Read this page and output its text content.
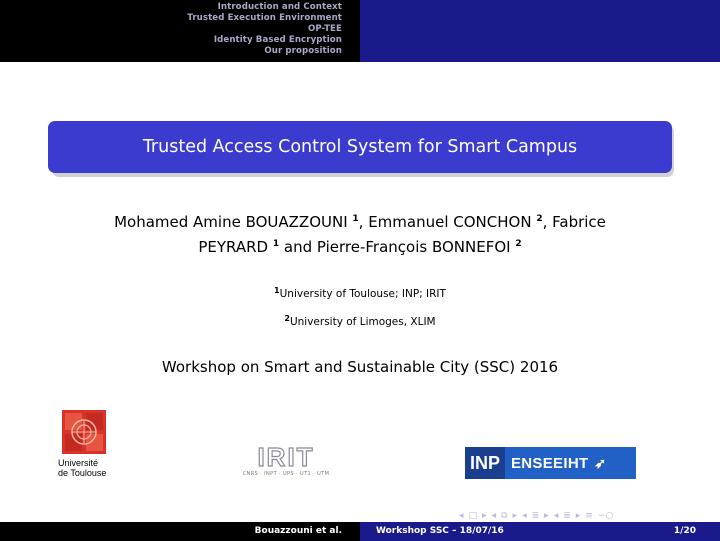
Introduction and Context
Trusted Execution Environment
OP-TEE
Identity Based Encryption
Our proposition
Trusted Access Control System for Smart Campus
Mohamed Amine BOUAZZOUNI $^1$, Emmanuel CONCHON $^2$, Fabrice
PEYRARD $^1$ and Pierre-François BONNEFOI $^2$
$^1$University of Toulouse; INP; IRIT
$^2$University of Limoges, XLIM
Workshop on Smart and Sustainable City (SSC) 2016
Université
de Toulouse
IRIT
CNRS · INPT · UPS · UT1 · UTM
INP ENSEEIHT ➶
◂ □ ▸ ◂ ⧉ ▸ ◂ ≣ ▸ ◂ ≣ ▸ ≡ ∽○
Bouazzouni et al.	Workshop SSC – 18/07/16	1/20
